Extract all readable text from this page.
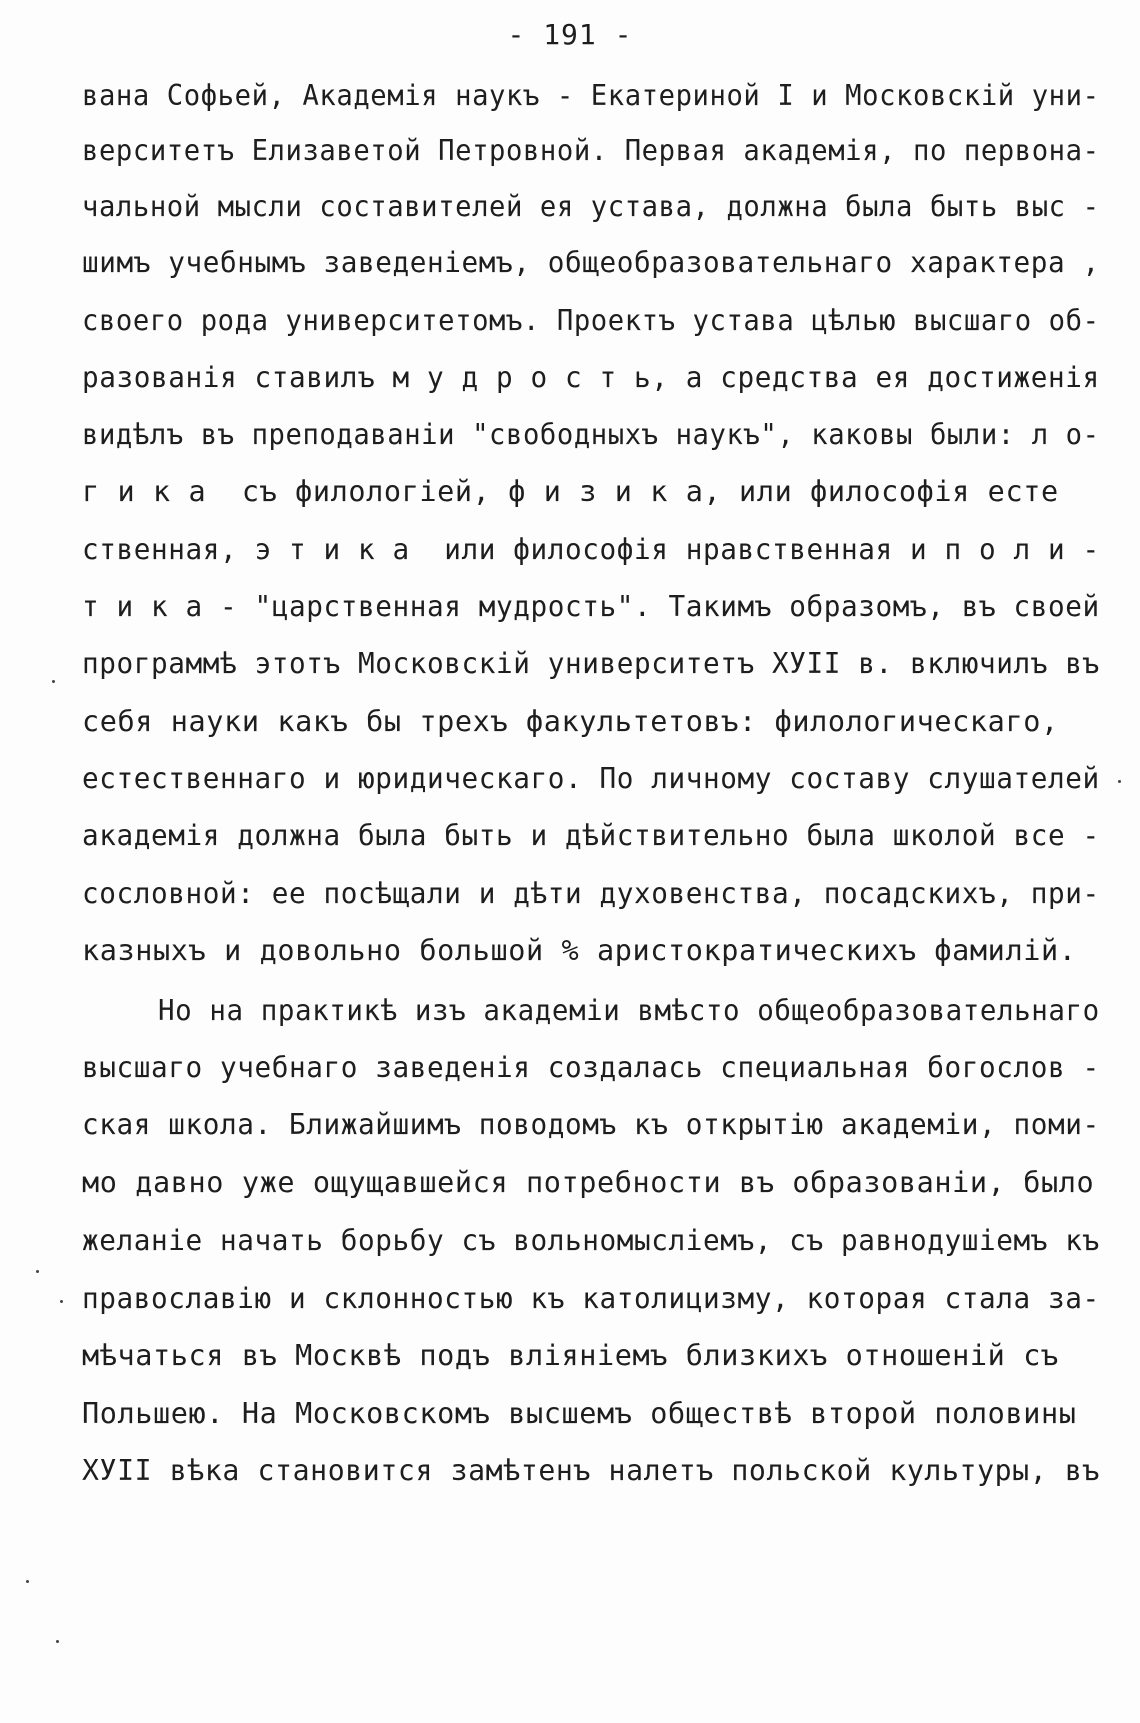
- 191 -
вана Софьей, Академія наукъ - Екатериной I и Московскій уни-
верситетъ Елизаветой Петровной. Первая академія, по первона-
чальной мысли составителей ея устава, должна была быть выс -
шимъ учебнымъ заведеніемъ, общеобразовательнаго характера ,
своего рода университетомъ. Проектъ устава цѣлью высшаго об-
разованія ставилъ м у д р о с т ь, а средства ея достиженія
видѣлъ въ преподаваніи "свободныхъ наукъ", каковы были: л о-
г и к а  съ филологіей, ф и з и к а, или философія есте
ственная, э т и к а  или философія нравственная и п о л и -
т и к а - "царственная мудрость". Такимъ образомъ, въ своей
программѣ этотъ Московскій университетъ XУII в. включилъ въ
себя науки какъ бы трехъ факультетовъ: филологическаго,
естественнаго и юридическаго. По личному составу слушателей
академія должна была быть и дѣйствительно была школой все -
сословной: ее посѣщали и дѣти духовенства, посадскихъ, при-
казныхъ и довольно большой % аристократическихъ фамилій.
Но на практикѣ изъ академіи вмѣсто общеобразовательнаго
высшаго учебнаго заведенія создалась специальная богослов -
ская школа. Ближайшимъ поводомъ къ открытію академіи, поми-
мо давно уже ощущавшейся потребности въ образованіи, было
желаніе начать борьбу съ вольномысліемъ, съ равнодушіемъ къ
православію и склонностью къ католицизму, которая стала за-
мѣчаться въ Москвѣ подъ вліяніемъ близкихъ отношеній съ
Польшею. На Московскомъ высшемъ обществѣ второй половины
XУII вѣка становится замѣтенъ налетъ польской культуры, въ
